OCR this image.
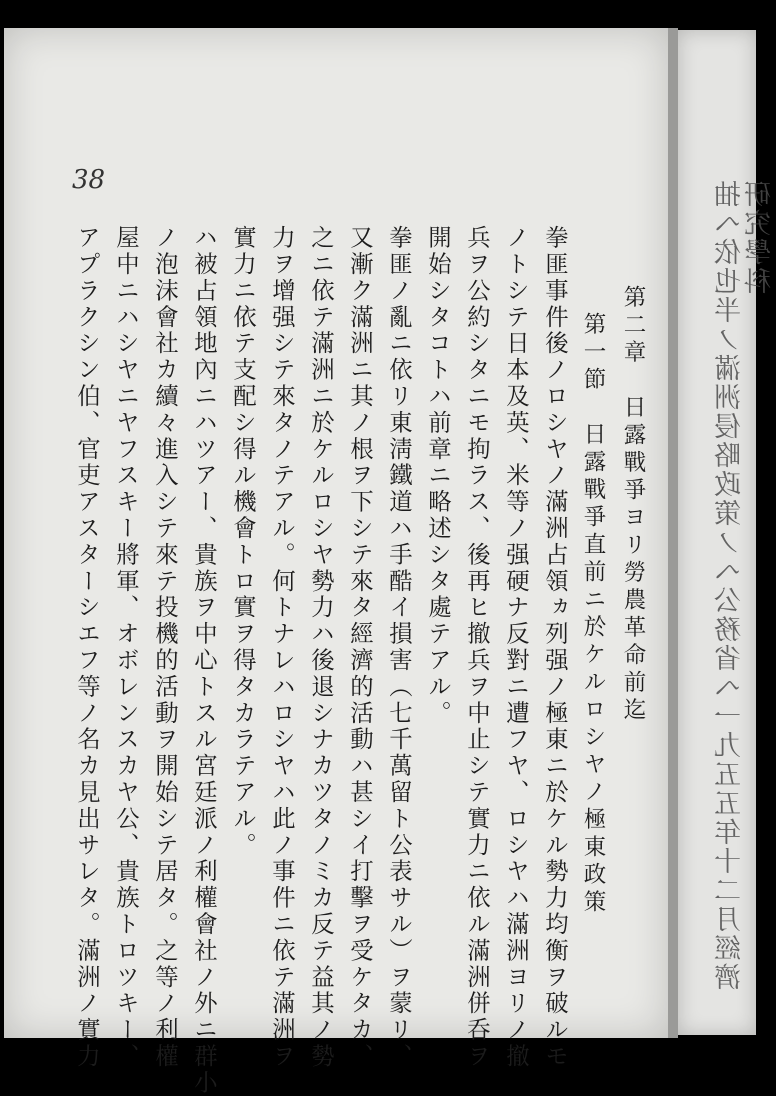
抽ヘ依也半ノ滿洲侵略政策ノヘ公務省ヘ一九五五年十二月經濟研究學科

38
第二章　日露戰爭ヨリ勞農革命前迄
第一節　日露戰爭直前ニ於ケルロシヤノ極東政策
拳匪事件後ノロシヤノ滿洲占領ヵ列强ノ極東ニ於ケル勢力均衡ヲ破ルモ
ノトシテ日本及英、米等ノ强硬ナ反對ニ遭フヤ、ロシヤハ滿洲ヨリノ撤
兵ヲ公約シタニモ拘ラス、後再ヒ撤兵ヲ中止シテ實力ニ依ル滿洲併呑ヲ
開始シタコトハ前章ニ略述シタ處テアル。
拳匪ノ亂ニ依リ東淸鐵道ハ手酷イ損害（七千萬留ト公表サル）ヲ蒙リ、
又漸ク滿洲ニ其ノ根ヲ下シテ來タ經濟的活動ハ甚シイ打擊ヲ受ケタカ、
之ニ依テ滿洲ニ於ケルロシヤ勢力ハ後退シナカツタノミカ反テ益其ノ勢
力ヲ增强シテ來タノテアル。何トナレハロシヤハ此ノ事件ニ依テ滿洲ヲ
實力ニ依テ支配シ得ル機會トロ實ヲ得タカラテアル。
ハ被占領地內ニハツアー、貴族ヲ中心トスル宮廷派ノ利權會社ノ外ニ群小
ノ泡沫會社カ續々進入シテ來テ投機的活動ヲ開始シテ居タ。之等ノ利權
屋中ニハシヤニヤフスキー將軍、オボレンスカヤ公、貴族トロツキー、
アプラクシン伯、官吏アスターシエフ等ノ名カ見出サレタ。滿洲ノ實力
